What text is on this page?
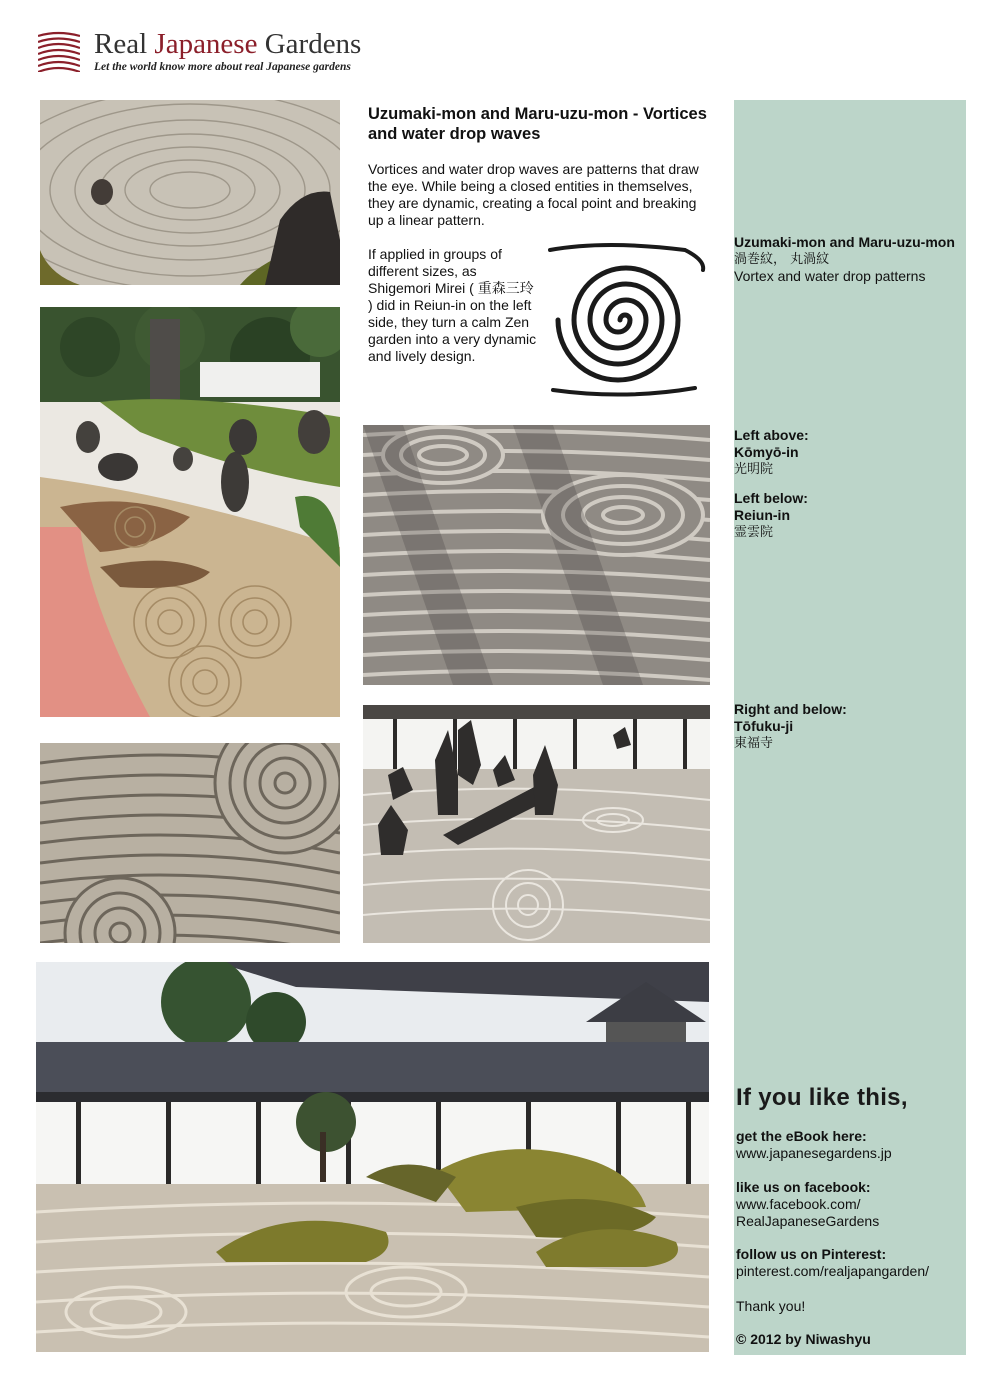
Real Japanese Gardens
Let the world know more about real Japanese gardens
Uzumaki-mon and Maru-uzu-mon - Vortices and water drop waves

Vortices and water drop waves are patterns that draw the eye. While being a closed entities in themselves, they are dynamic, creating a focal point and breaking up a linear pattern.

If applied in groups of different sizes, as Shigemori Mirei ( 重森三玲 ) did in Reiun-in on the left side, they turn a calm Zen garden into a very dynamic and lively design.

Uzumaki-mon and Maru-uzu-mon
渦巻紋， 丸渦紋
Vortex and water drop patterns
Left above:
Kōmyō-in
光明院
Left below:
Reiun-in
霊雲院
Right and below:
Tōfuku-ji
東福寺
If you like this,
get the eBook here:
www.japanesegardens.jp
like us on facebook:
www.facebook.com/
RealJapaneseGardens
follow us on Pinterest:
pinterest.com/realjapangarden/
Thank you!
© 2012 by Niwashyu
